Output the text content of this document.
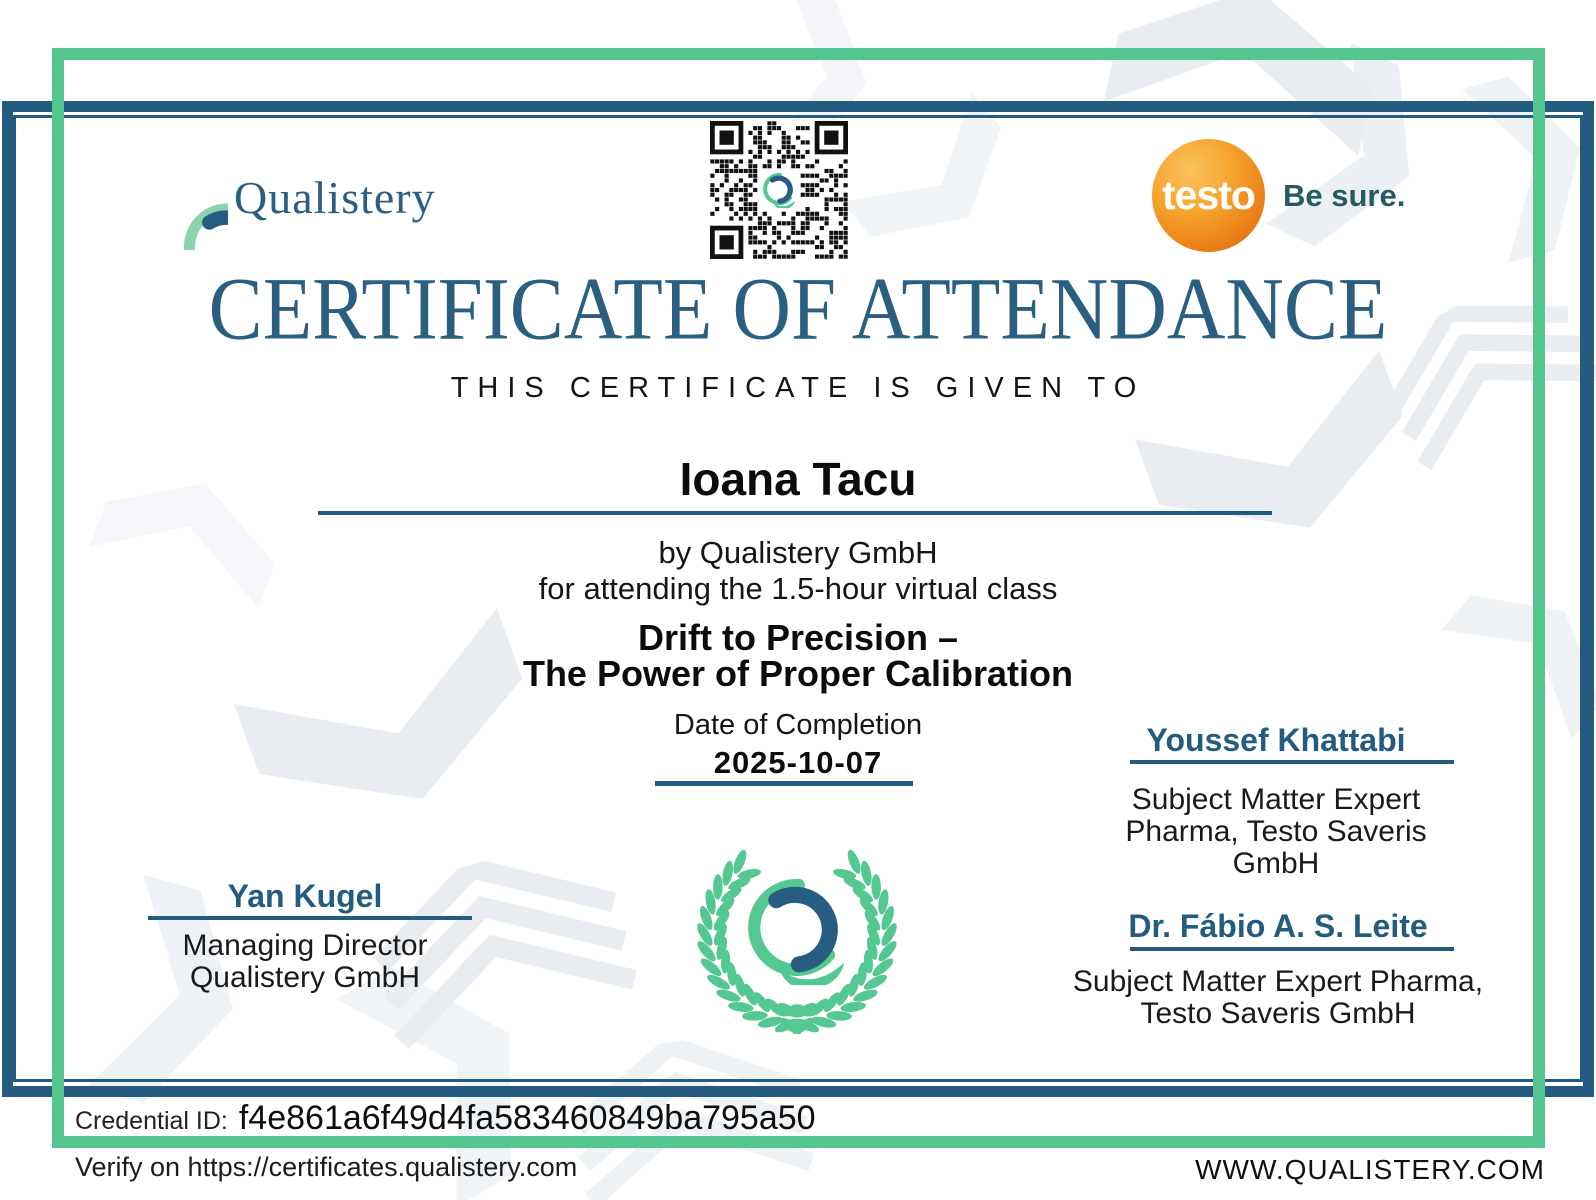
Qualistery	testo Be sure.
CERTIFICATE OF ATTENDANCE
THIS CERTIFICATE IS GIVEN TO
Ioana Tacu
by Qualistery GmbH
for attending the 1.5-hour virtual class
Drift to Precision –
The Power of Proper Calibration
Date of Completion
2025-10-07
Yan Kugel
Managing Director
Qualistery GmbH
Youssef Khattabi
Subject Matter Expert
Pharma, Testo Saveris
GmbH
Dr. Fábio A. S. Leite
Subject Matter Expert Pharma,
Testo Saveris GmbH
Credential ID: f4e861a6f49d4fa583460849ba795a50
Verify on https://certificates.qualistery.com	WWW.QUALISTERY.COM
